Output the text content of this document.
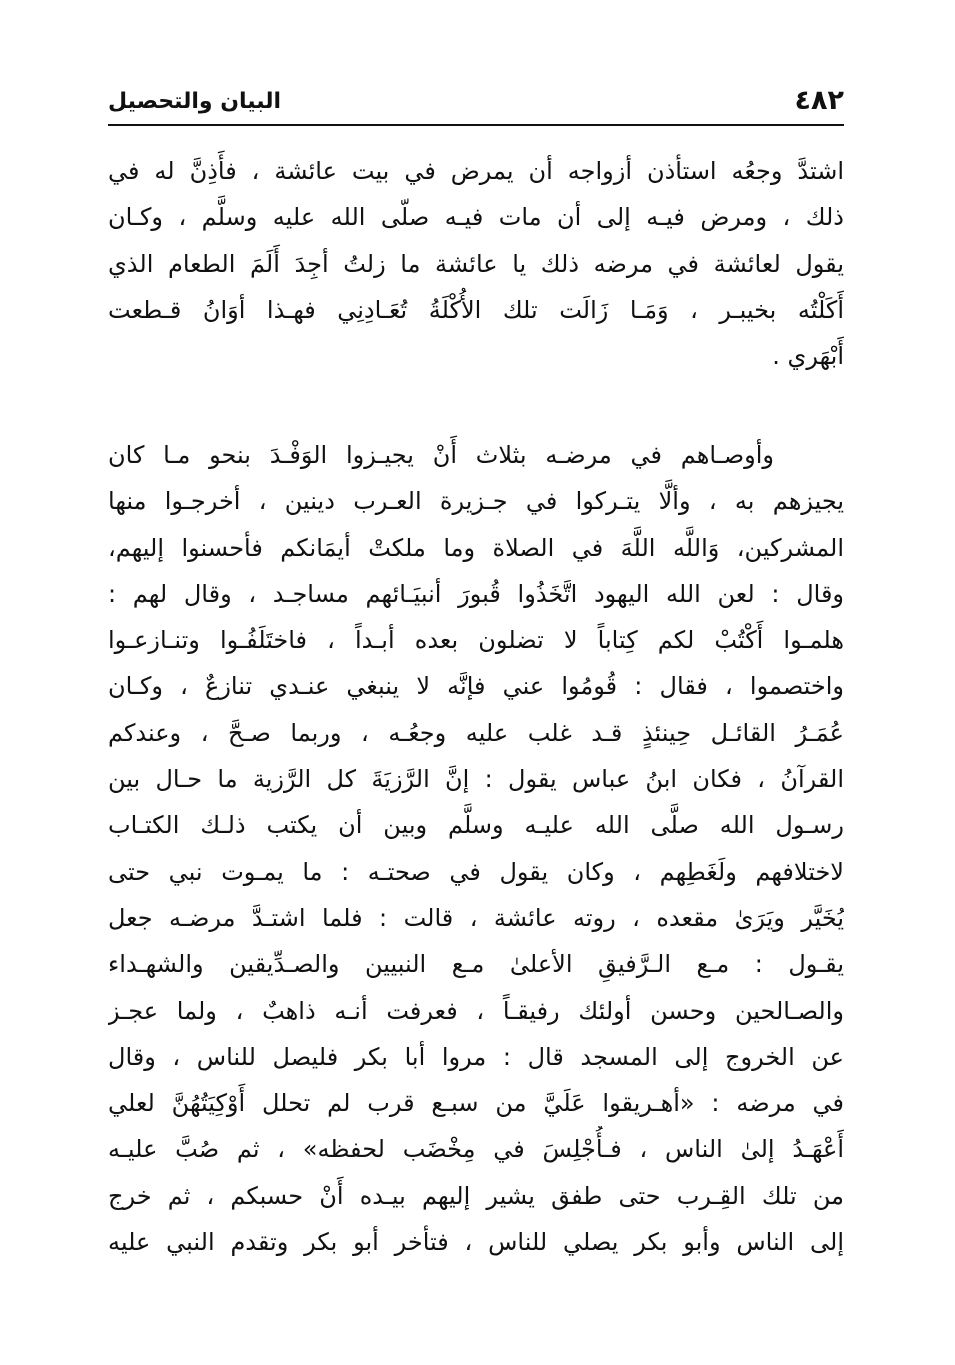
٤٨٢
البيان والتحصيل
اشتدَّ وجعُه استأذن أزواجه أن يمرض في بيت عائشة ، فأَذِنَّ له في
ذلك ، ومرض فيـه إلى أن مات فيـه صلّى الله عليه وسلَّم ، وكـان
يقول لعائشة في مرضه ذلك يا عائشة ما زلتُ أجِدَ أَلَمَ الطعام الذي
أَكَلْتُه بخيبـر ، وَمَـا زَالَت تلك الأُكْلَةُ تُعَـادِنِي فهـذا أوَانُ قـطعت
أَبْهَري .
وأوصـاهم في مرضـه بثلاث أَنْ يجيـزوا الوَفْـدَ بنحو مـا كان
يجيزهم به ، وألَّا يتـركوا في جـزيرة العـرب دينين ، أخرجـوا منها
المشركين، وَاللَّه اللَّهَ في الصلاة وما ملكتْ أيمَانكم فأحسنوا إليهم،
وقال : لعن الله اليهود اتَّخَذُوا قُبورَ أنبيَـائهم مساجـد ، وقال لهم :
هلمـوا أَكْتُبْ لكم كِتاباً لا تضلون بعده أبـداً ، فاختَلَفُـوا وتنـازعـوا
واختصموا ، فقال : قُومُوا عني فإنَّه لا ينبغي عنـدي تنازعٌ ، وكـان
عُمَـرُ القائـل حِينئذٍ قـد غلب عليه وجعُـه ، وربما صـحَّ ، وعندكم
القرآنُ ، فكان ابنُ عباس يقول : إنَّ الرَّزيَةَ كل الرَّزية ما حـال بين
رسـول الله صلَّى الله عليـه وسلَّم وبين أن يكتب ذلـك الكتـاب
لاختلافهم ولَغَطِهم ، وكان يقول في صحتـه : ما يمـوت نبي حتى
يُخَيَّر ويَرَىٰ مقعده ، روته عائشة ، قالت : فلما اشتـدَّ مرضـه جعل
يقـول : مـع الـرَّفيقِ الأعلىٰ مـع النبيين والصـدِّيقين والشهـداء
والصـالحين وحسن أولئك رفيقـاً ، فعرفت أنـه ذاهبٌ ، ولما عجـز
عن الخروج إلى المسجد قال : مروا أبا بكر فليصل للناس ، وقال
في مرضه : «أهـريقوا عَلَيَّ من سبـع قرب لم تحلل أَوْكِيَتُهُنَّ لعلي
أَعْهَـدُ إلىٰ الناس ، فـأُجْلِسَ في مِخْضَب لحفظه» ، ثم صُبَّ عليـه
من تلك القِـرب حتى طفق يشير إليهم بيـده أَنْ حسبكم ، ثم خرج
إلى الناس وأبو بكر يصلي للناس ، فتأخر أبو بكر وتقدم النبي عليه
